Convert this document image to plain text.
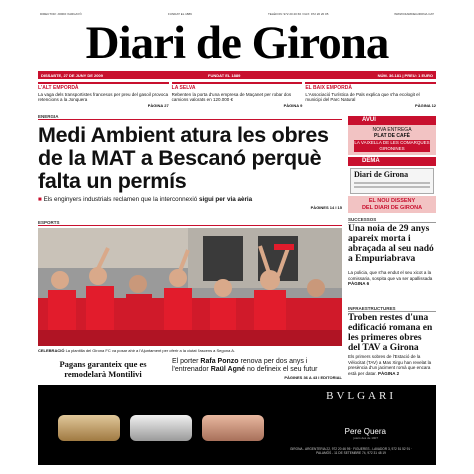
DIRECTOR: JORDI XARGAYÓ	FUNDAT EL 1889	TELÈFON: 972 20 20 66 / FAX: 972 20 20 05	WWW.DIARIDEGIRONA.CAT
Diari de Girona
DISSABTE, 27 DE JUNY DE 2009	FUNDAT EL 1889	NÚM. 36.181 | PREU: 1 EURO
L'ALT EMPORDÀ
La vaga dels transportistes francesos per preu del gasoil provoca retencions a la Jonquera
PÀGINA 27
LA SELVA
Rebenten la porta d'una empresa de Maçanet per robar dos camions valorats en 120.000 €
PÀGINA 9
EL BAIX EMPORDÀ
L'Associació Turística de Pals explica que s'ha ecologit el municipi del Parc Natural
PÀGINA 12
ENERGIA
Medi Ambient atura les obres de la MAT a Bescanó perquè falta un permís
■ Els enginyers industrials reclamen que la interconnexió sigui per via aèria
PÀGINES 14 I 15
ESPORTS
CELEBRACIÓ La plantilla del Girona FC va posar ahir a l'Ajuntament per oferir a la ciutat l'ascens a Segona A.
Pagans garanteix que es remodelarà Montilivi
El porter Rafa Ponzo renova per dos anys i l'entrenador Raül Agné no defineix el seu futur
PÀGINES 36 A 43 I EDITORIAL
AVUI
NOVA ENTREGA
PLAT DE CAFÈ
LA VAIXELLA DE LES COMARQUES GIRONINES
DEMÀ
Diari de Girona
EL NOU DISSENY
DEL DIARI DE GIRONA
SUCCESSOS
Una noia de 29 anys apareix morta i abraçada al seu nadó a Empuriabrava
La policia, que s'ha endut el seu xicot a la comissaria, sospita que va ser apallissada PÀGINA 6
INFRAESTRUCTURES
Troben restes d'una edificació romana en les primeres obres del TAV a Girona
Els primers sobres de l'Estació de la Vèlocitat (TAV) a Mas Xirgu han revelat la presència d'un jaciment romà que encara està per datar. PÀGINA 2
BVLGARI
Pere Quera
joiers des de 1907
GIRONA - ARGENTERIA 22, 972 20 46 95 · FIGUERES - LAVADOR 3, 972 51 52 91 · PALAMÓS - 11 DE SETEMBRE 74, 972 31 48 19
